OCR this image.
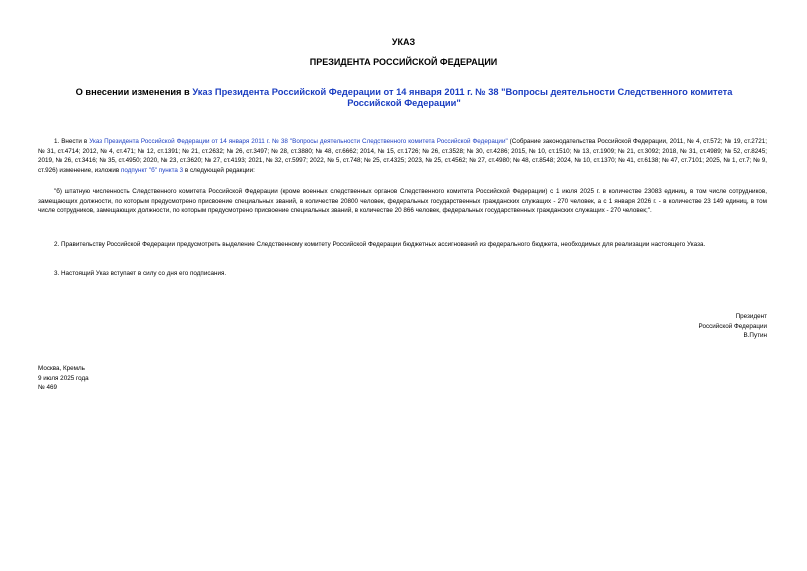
УКАЗ
ПРЕЗИДЕНТА РОССИЙСКОЙ ФЕДЕРАЦИИ
О внесении изменения в Указ Президента Российской Федерации от 14 января 2011 г. № 38 "Вопросы деятельности Следственного комитета Российской Федерации"
1. Внести в Указ Президента Российской Федерации от 14 января 2011 г. № 38 "Вопросы деятельности Следственного комитета Российской Федерации" (Собрание законодательства Российской Федерации, 2011, № 4, ст.572; № 19, ст.2721; № 31, ст.4714; 2012, № 4, ст.471; № 12, ст.1391; № 21, ст.2632; № 26, ст.3497; № 28, ст.3880; № 48, ст.6662; 2014, № 15, ст.1726; № 26, ст.3528; № 30, ст.4286; 2015, № 10, ст.1510; № 13, ст.1909; № 21, ст.3092; 2018, № 31, ст.4989; № 52, ст.8245; 2019, № 26, ст.3416; № 35, ст.4950; 2020, № 23, ст.3620; № 27, ст.4193; 2021, № 32, ст.5997; 2022, № 5, ст.748; № 25, ст.4325; 2023, № 25, ст.4562; № 27, ст.4980; № 48, ст.8548; 2024, № 10, ст.1370; № 41, ст.6138; № 47, ст.7101; 2025, № 1, ст.7; № 9, ст.926) изменение, изложив подпункт "б" пункта 3 в следующей редакции:
"б) штатную численность Следственного комитета Российской Федерации (кроме военных следственных органов Следственного комитета Российской Федерации) с 1 июля 2025 г. в количестве 23083 единиц, в том числе сотрудников, замещающих должности, по которым предусмотрено присвоение специальных званий, в количестве 20800 человек, федеральных государственных гражданских служащих - 270 человек, а с 1 января 2026 г. - в количестве 23 149 единиц, в том числе сотрудников, замещающих должности, по которым предусмотрено присвоение специальных званий, в количестве 20 866 человек, федеральных государственных гражданских служащих - 270 человек;".
2. Правительству Российской Федерации предусмотреть выделение Следственному комитету Российской Федерации бюджетных ассигнований из федерального бюджета, необходимых для реализации настоящего Указа.
3. Настоящий Указ вступает в силу со дня его подписания.
Президент
Российской Федерации
В.Путин
Москва, Кремль
9 июля 2025 года
№ 469
